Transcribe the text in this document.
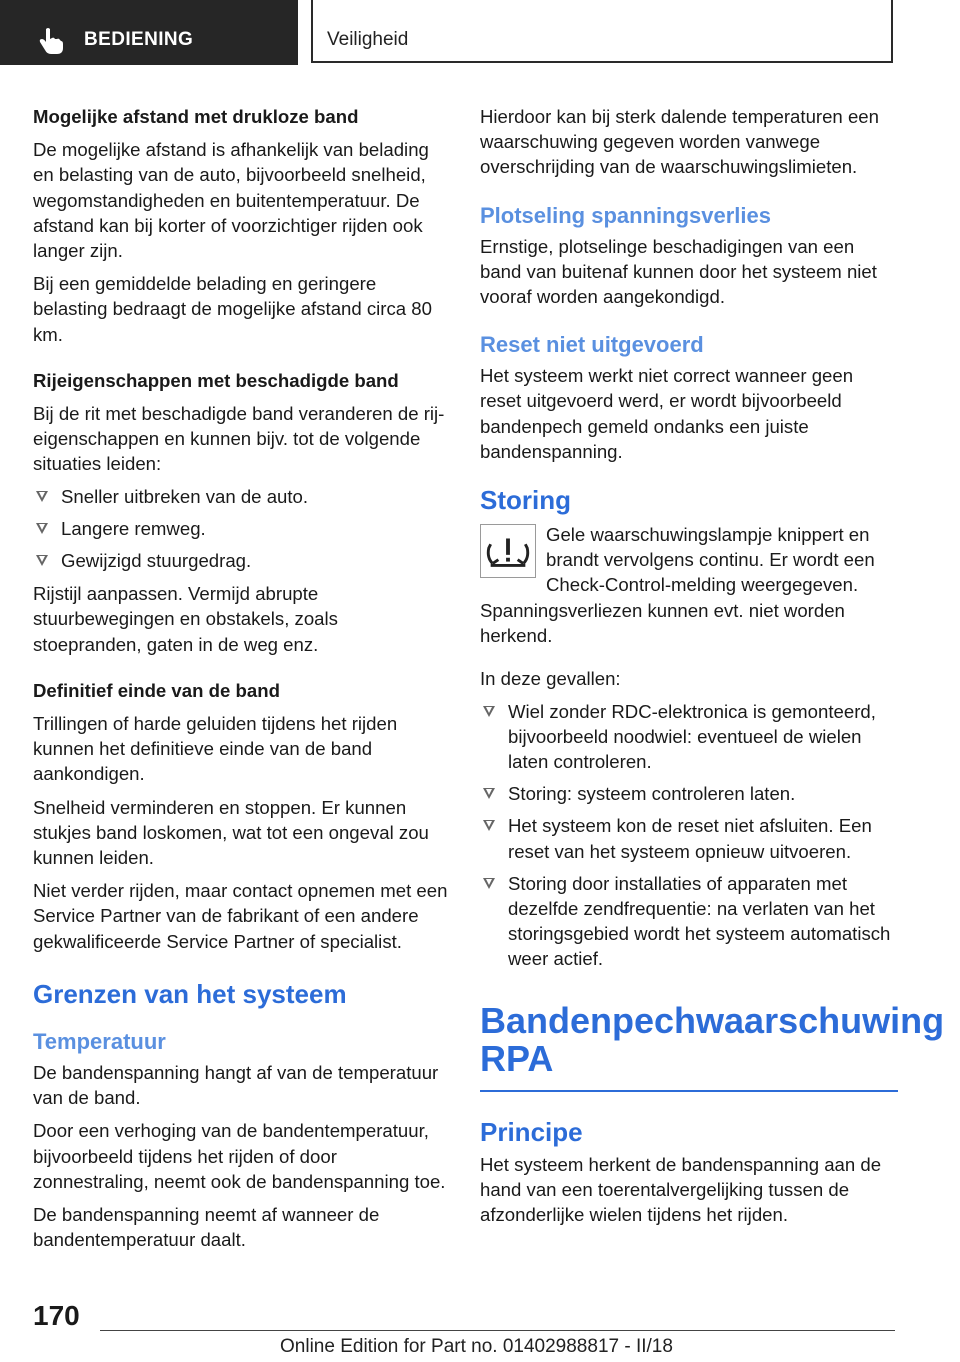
BEDIENING	Veiligheid

Mogelijke afstand met drukloze band

De mogelijke afstand is afhankelijk van belading en belasting van de auto, bijvoorbeeld snelheid, wegomstandigheden en buitentemperatuur. De afstand kan bij korter of voorzichtiger rijden ook langer zijn.

Bij een gemiddelde belading en geringere belasting bedraagt de mogelijke afstand circa 80 km.

Rijeigenschappen met beschadigde band

Bij de rit met beschadigde band veranderen de rij-eigenschappen en kunnen bijv. tot de volgende situaties leiden:

Sneller uitbreken van de auto.
Langere remweg.
Gewijzigd stuurgedrag.

Rijstijl aanpassen. Vermijd abrupte stuurbewegingen en obstakels, zoals stoepranden, gaten in de weg enz.

Definitief einde van de band

Trillingen of harde geluiden tijdens het rijden kunnen het definitieve einde van de band aankondigen.

Snelheid verminderen en stoppen. Er kunnen stukjes band loskomen, wat tot een ongeval zou kunnen leiden.

Niet verder rijden, maar contact opnemen met een Service Partner van de fabrikant of een andere gekwalificeerde Service Partner of specialist.

Grenzen van het systeem

Temperatuur

De bandenspanning hangt af van de temperatuur van de band.

Door een verhoging van de bandentemperatuur, bijvoorbeeld tijdens het rijden of door zonnestraling, neemt ook de bandenspanning toe.

De bandenspanning neemt af wanneer de bandentemperatuur daalt.

Hierdoor kan bij sterk dalende temperaturen een waarschuwing gegeven worden vanwege overschrijding van de waarschuwingslimieten.

Plotseling spanningsverlies

Ernstige, plotselinge beschadigingen van een band van buitenaf kunnen door het systeem niet vooraf worden aangekondigd.

Reset niet uitgevoerd

Het systeem werkt niet correct wanneer geen reset uitgevoerd werd, er wordt bijvoorbeeld bandenpech gemeld ondanks een juiste bandenspanning.

Storing

Gele waarschuwingslampje knippert en brandt vervolgens continu. Er wordt een Check-Control-melding weergegeven.

Spanningsverliezen kunnen evt. niet worden herkend.

In deze gevallen:

Wiel zonder RDC-elektronica is gemonteerd, bijvoorbeeld noodwiel: eventueel de wielen laten controleren.
Storing: systeem controleren laten.
Het systeem kon de reset niet afsluiten. Een reset van het systeem opnieuw uitvoeren.
Storing door installaties of apparaten met dezelfde zendfrequentie: na verlaten van het storingsgebied wordt het systeem automatisch weer actief.

Bandenpechwaarschuwing

RPA

Principe

Het systeem herkent de bandenspanning aan de hand van een toerentalvergelijking tussen de afzonderlijke wielen tijdens het rijden.

170
Online Edition for Part no. 01402988817 - II/18
